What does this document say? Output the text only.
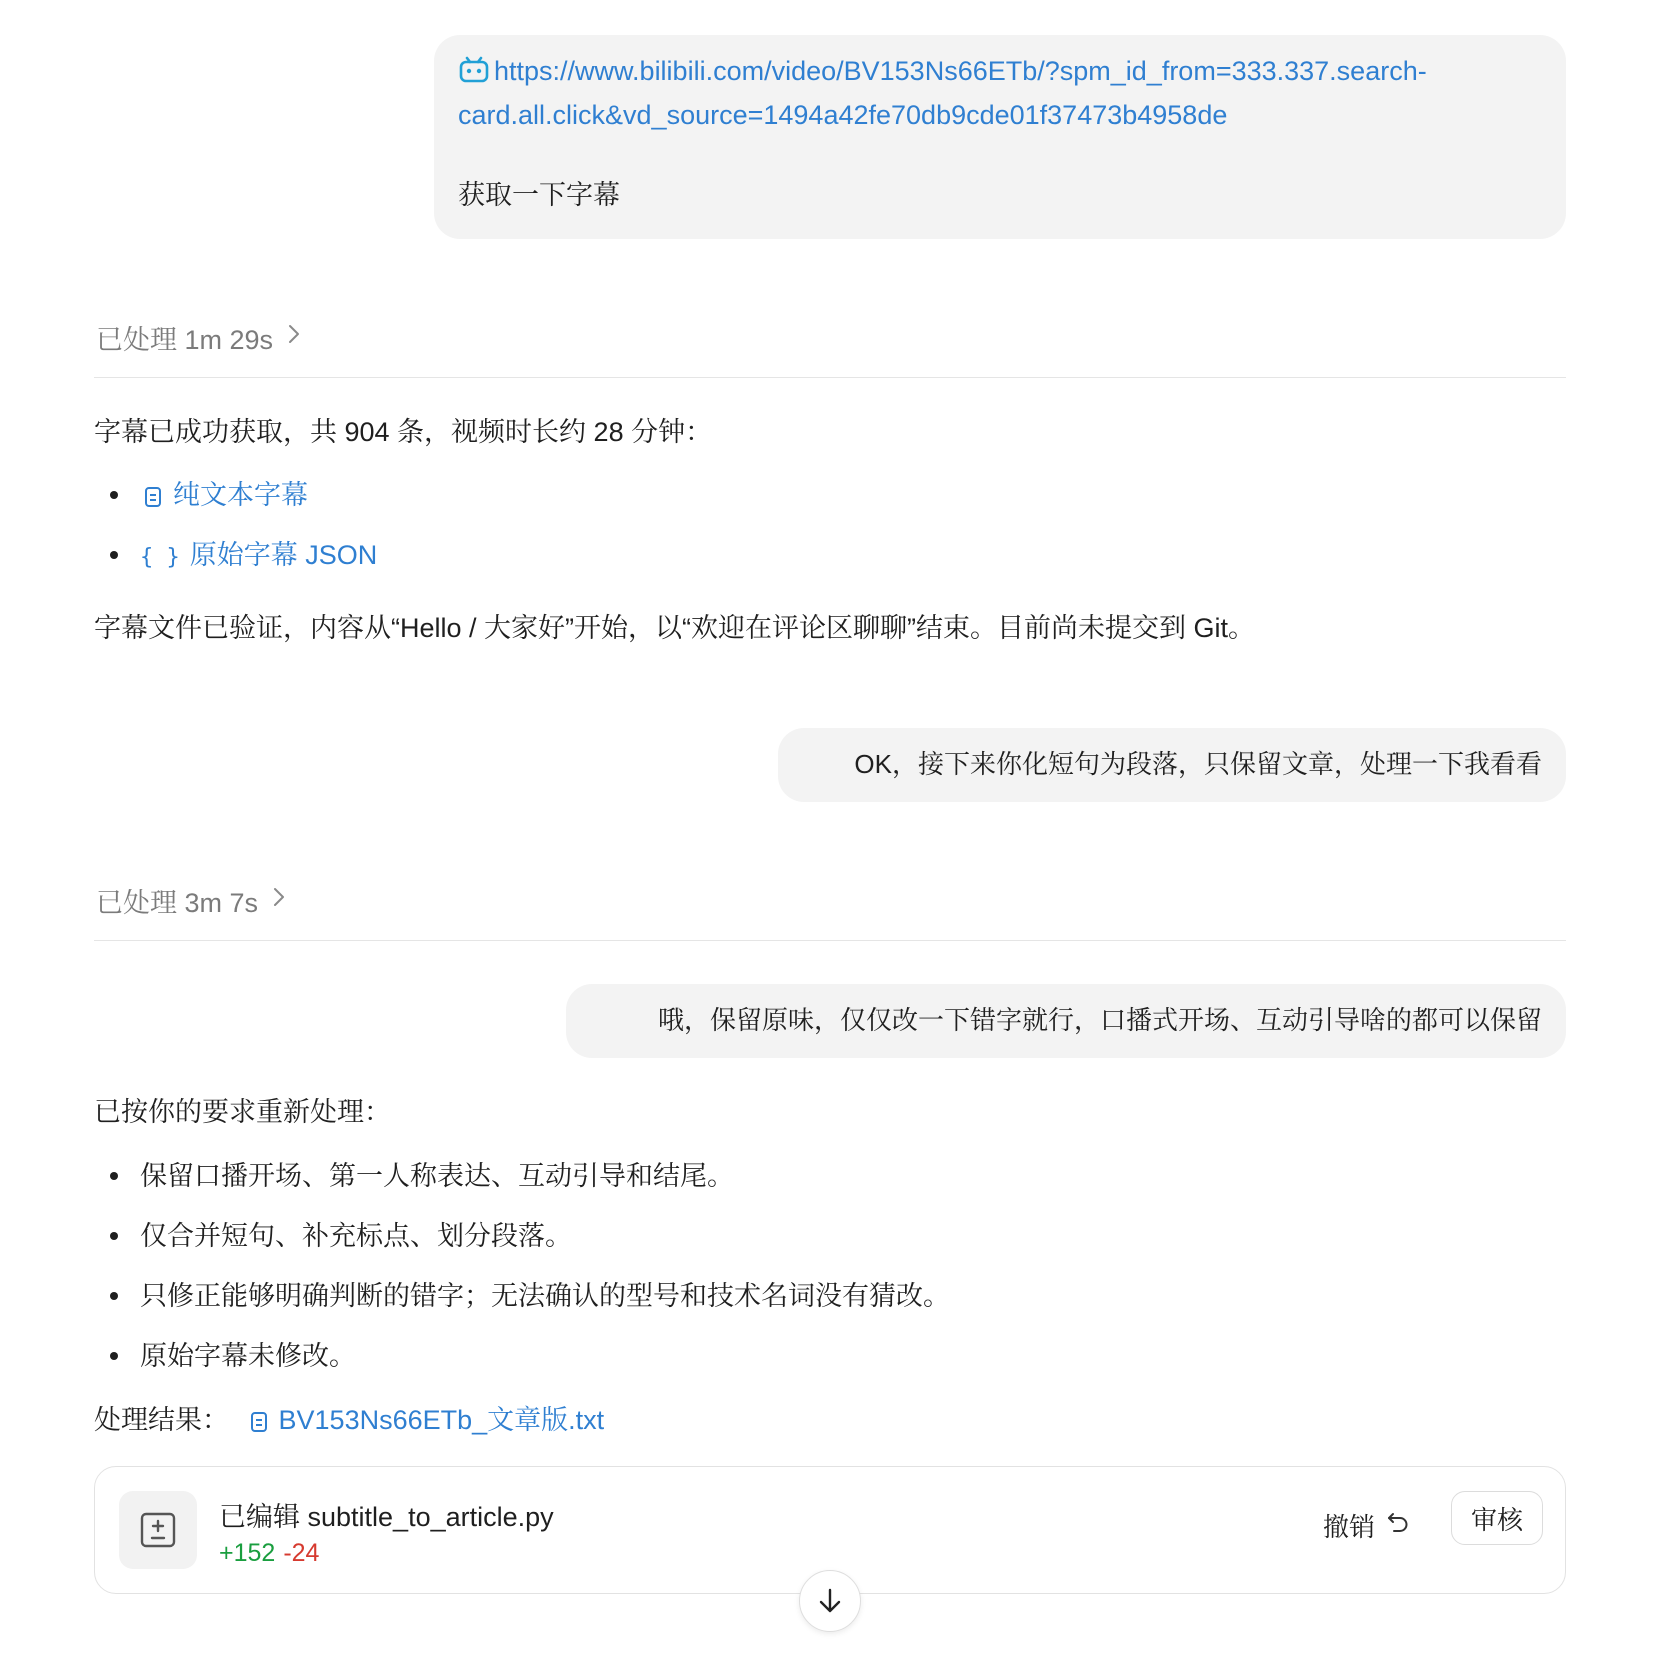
https://www.bilibili.com/video/BV153Ns66ETb/?spm_id_from=333.337.search-
card.all.click&vd_source=1494a42fe70db9cde01f37473b4958de
获取一下字幕
已处理 1m 29s
字幕已成功获取，共 904 条，视频时长约 28 分钟：
纯文本字幕
{ } 原始字幕 JSON
字幕文件已验证，内容从“Hello / 大家好”开始，以“欢迎在评论区聊聊”结束。目前尚未提交到 Git。
OK，接下来你化短句为段落，只保留文章，处理一下我看看
已处理 3m 7s
哦，保留原味，仅仅改一下错字就行，口播式开场、互动引导啥的都可以保留
已按你的要求重新处理：
保留口播开场、第一人称表达、互动引导和结尾。
仅合并短句、补充标点、划分段落。
只修正能够明确判断的错字；无法确认的型号和技术名词没有猜改。
原始字幕未修改。
处理结果： BV153Ns66ETb_文章版.txt
已编辑 subtitle_to_article.py
+152 -24
撤销	审核
